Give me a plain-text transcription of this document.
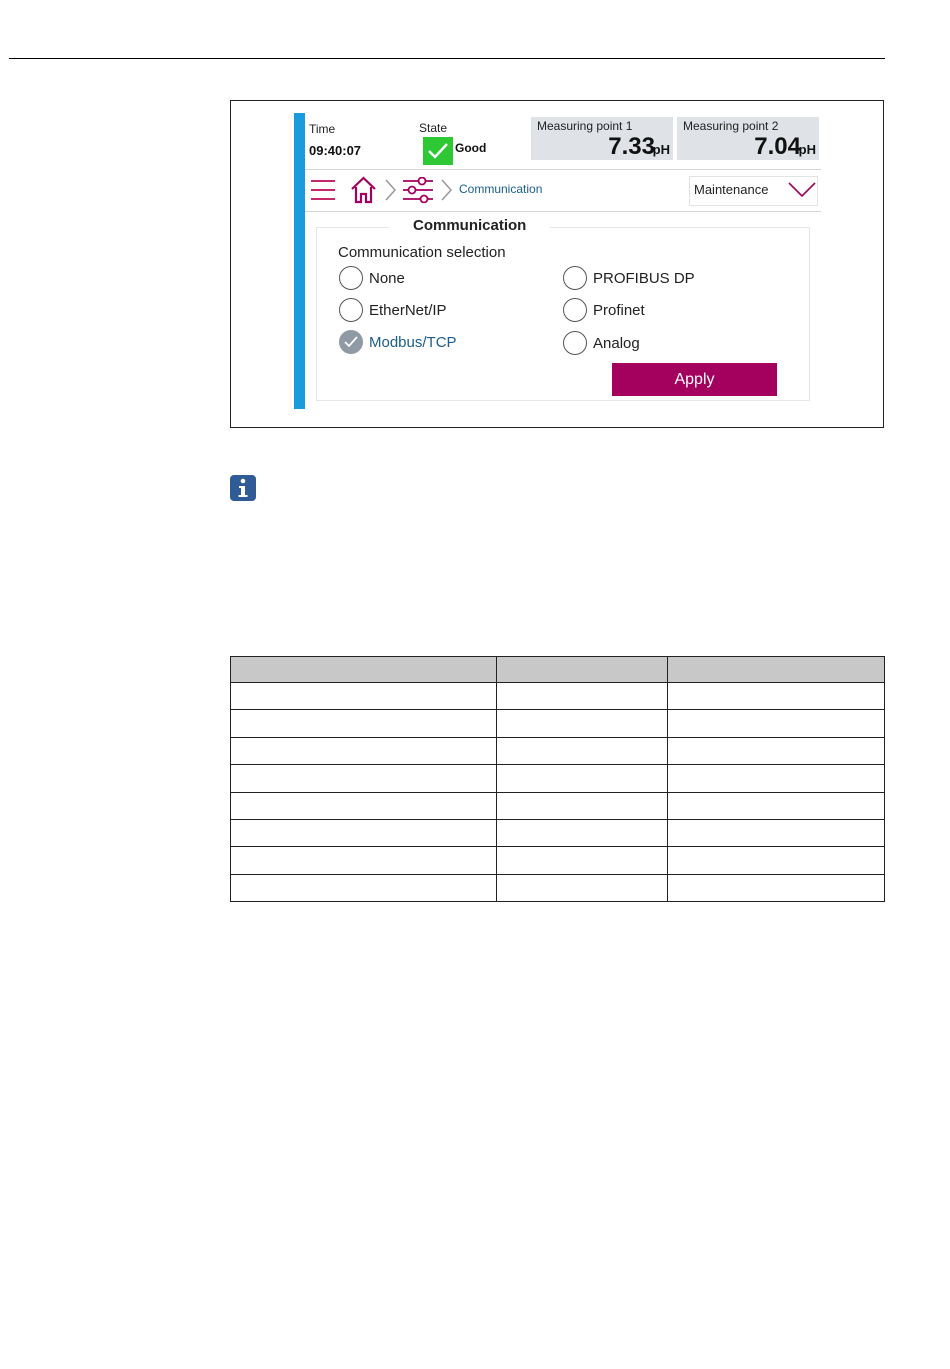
Time
09:40:07
State
Good
Measuring point 1
7.33
pH
Measuring point 2
7.04
pH
Communication	Maintenance
Communication
Communication selection
None
EtherNet/IP
Modbus/TCP
PROFIBUS DP
Profinet
Analog
Apply
